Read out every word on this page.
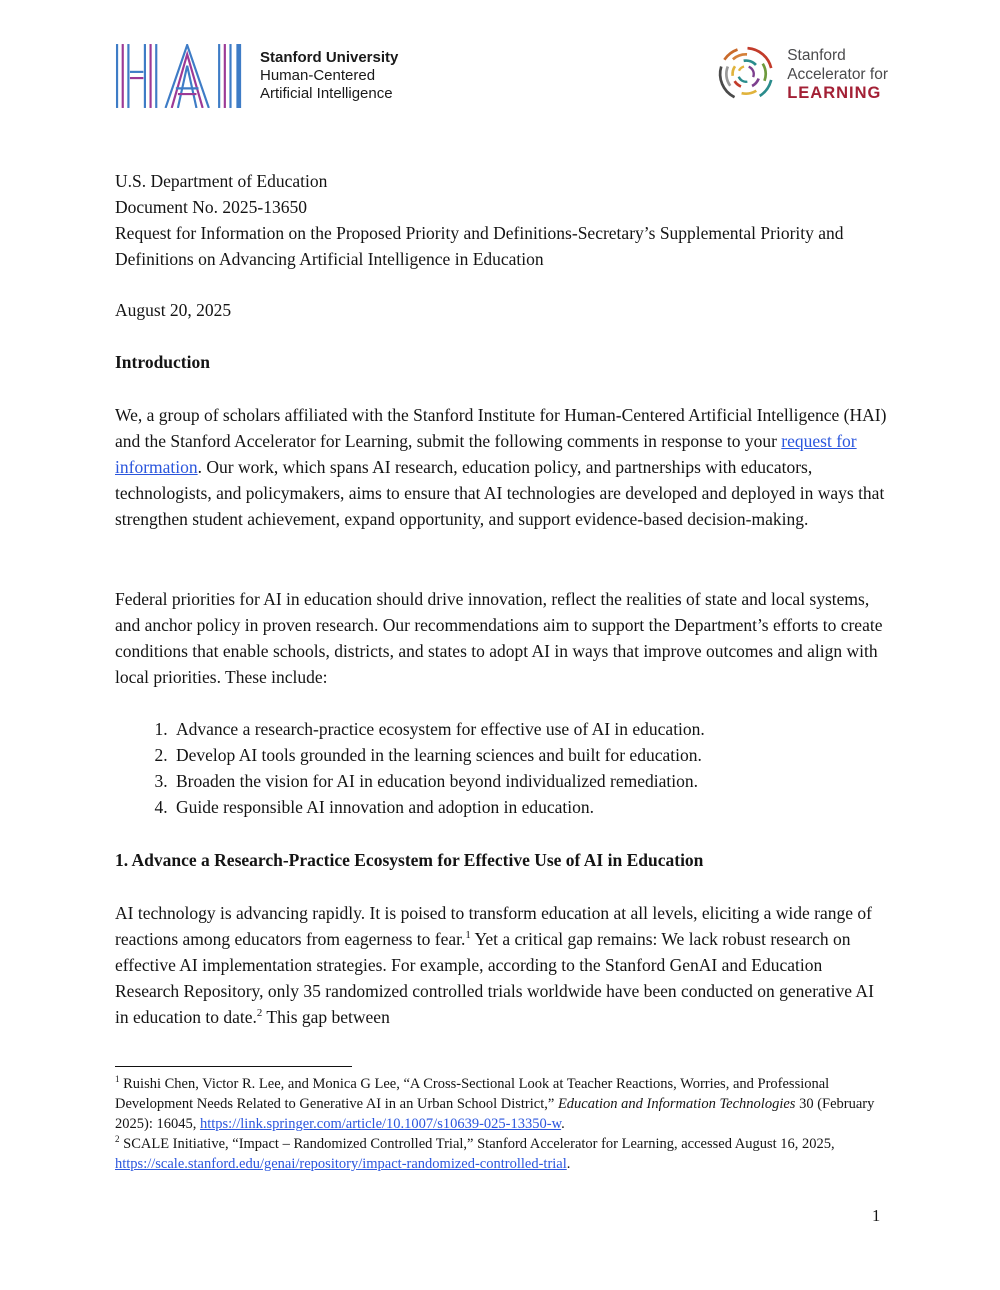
Stanford University
Human-Centered
Artificial Intelligence
Stanford
Accelerator for
LEARNING
U.S. Department of Education
Document No. 2025-13650
Request for Information on the Proposed Priority and Definitions-Secretary’s Supplemental Priority and Definitions on Advancing Artificial Intelligence in Education
August 20, 2025
Introduction

We, a group of scholars affiliated with the Stanford Institute for Human-Centered Artificial Intelligence (HAI) and the Stanford Accelerator for Learning, submit the following comments in response to your request for information. Our work, which spans AI research, education policy, and partnerships with educators, technologists, and policymakers, aims to ensure that AI technologies are developed and deployed in ways that strengthen student achievement, expand opportunity, and support evidence-based decision-making.

Federal priorities for AI in education should drive innovation, reflect the realities of state and local systems, and anchor policy in proven research. Our recommendations aim to support the Department’s efforts to create conditions that enable schools, districts, and states to adopt AI in ways that improve outcomes and align with local priorities. These include:

1. Advance a research-practice ecosystem for effective use of AI in education.
2. Develop AI tools grounded in the learning sciences and built for education.
3. Broaden the vision for AI in education beyond individualized remediation.
4. Guide responsible AI innovation and adoption in education.
1. Advance a Research-Practice Ecosystem for Effective Use of AI in Education

AI technology is advancing rapidly. It is poised to transform education at all levels, eliciting a wide range of reactions among educators from eagerness to fear.$^1$ Yet a critical gap remains: We lack robust research on effective AI implementation strategies. For example, according to the Stanford GenAI and Education Research Repository, only 35 randomized controlled trials worldwide have been conducted on generative AI in education to date.$^2$ This gap between

$^1$ Ruishi Chen, Victor R. Lee, and Monica G Lee, “A Cross-Sectional Look at Teacher Reactions, Worries, and Professional Development Needs Related to Generative AI in an Urban School District,” Education and Information Technologies 30 (February 2025): 16045, https://link.springer.com/article/10.1007/s10639-025-13350-w.
$^2$ SCALE Initiative, “Impact – Randomized Controlled Trial,” Stanford Accelerator for Learning, accessed August 16, 2025, https://scale.stanford.edu/genai/repository/impact-randomized-controlled-trial.
1
